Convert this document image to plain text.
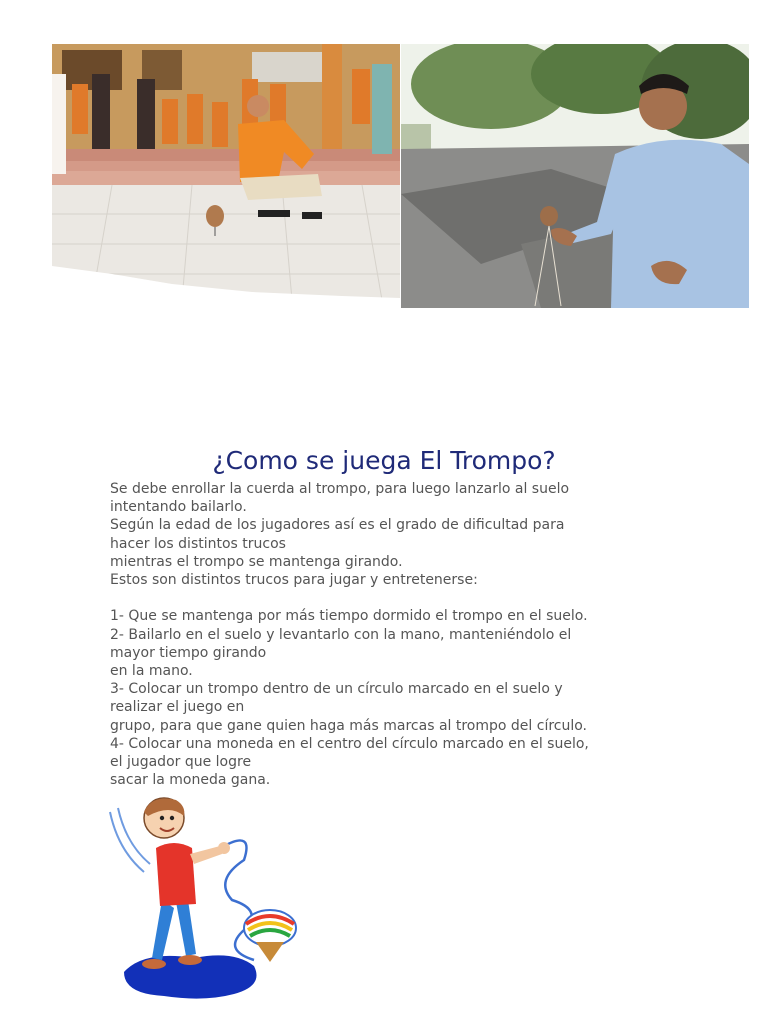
¿Como se juega El Trompo?
Se debe enrollar la cuerda al trompo, para luego lanzarlo al suelo
intentando bailarlo.
Según la edad de los jugadores así es el grado de dificultad para
hacer los distintos trucos
mientras el trompo se mantenga girando.
Estos son distintos trucos para jugar y entretenerse:
1- Que se mantenga por más tiempo dormido el trompo en el suelo.
2- Bailarlo en el suelo y levantarlo con la mano, manteniéndolo el
mayor tiempo girando
en la mano.
3- Colocar un trompo dentro de un círculo marcado en el suelo y
realizar el juego en
grupo, para que gane quien haga más marcas al trompo del círculo.
4- Colocar una moneda en el centro del círculo marcado en el suelo,
el jugador que logre
sacar la moneda gana.
